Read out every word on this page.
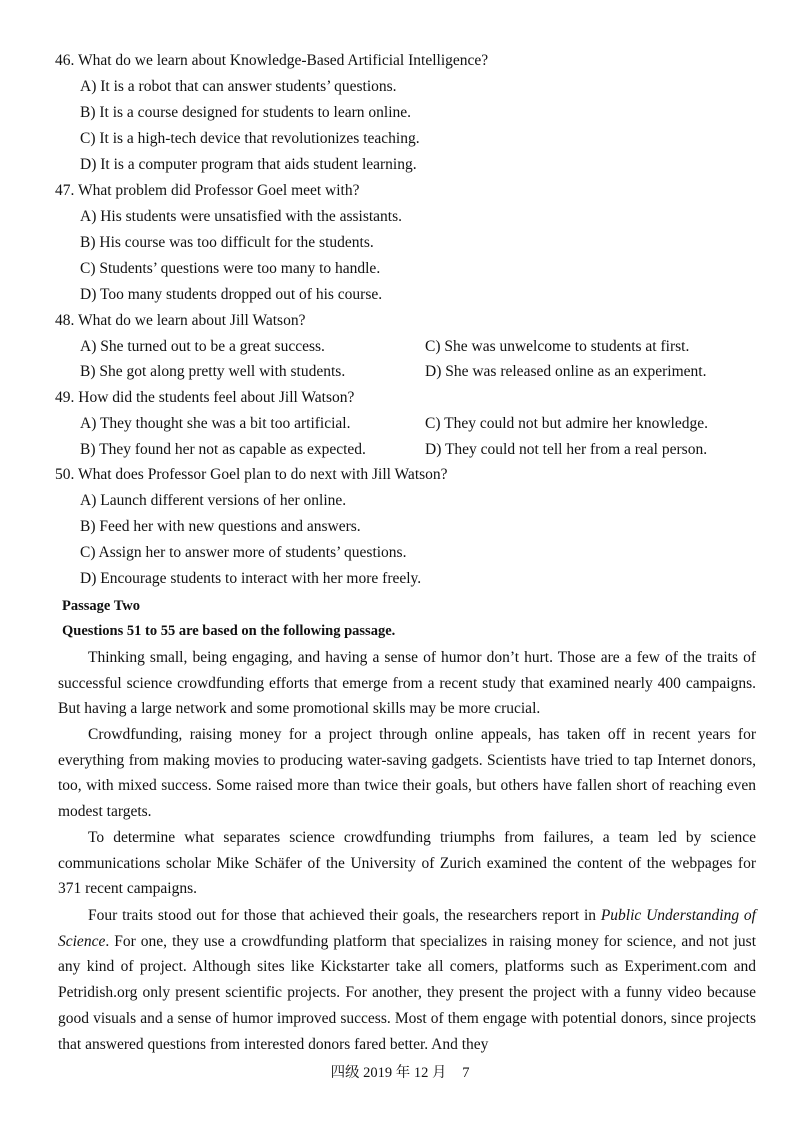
46. What do we learn about Knowledge-Based Artificial Intelligence?
A) It is a robot that can answer students’ questions.
B) It is a course designed for students to learn online.
C) It is a high-tech device that revolutionizes teaching.
D) It is a computer program that aids student learning.
47. What problem did Professor Goel meet with?
A) His students were unsatisfied with the assistants.
B) His course was too difficult for the students.
C) Students’ questions were too many to handle.
D) Too many students dropped out of his course.
48. What do we learn about Jill Watson?
A) She turned out to be a great success.	C) She was unwelcome to students at first.
B) She got along pretty well with students.	D) She was released online as an experiment.
49. How did the students feel about Jill Watson?
A) They thought she was a bit too artificial.	C) They could not but admire her knowledge.
B) They found her not as capable as expected.	D) They could not tell her from a real person.
50. What does Professor Goel plan to do next with Jill Watson?
A) Launch different versions of her online.
B) Feed her with new questions and answers.
C) Assign her to answer more of students’ questions.
D) Encourage students to interact with her more freely.
Passage Two
Questions 51 to 55 are based on the following passage.

Thinking small, being engaging, and having a sense of humor don’t hurt. Those are a few of the traits of successful science crowdfunding efforts that emerge from a recent study that examined nearly 400 campaigns. But having a large network and some promotional skills may be more crucial.

Crowdfunding, raising money for a project through online appeals, has taken off in recent years for everything from making movies to producing water-saving gadgets. Scientists have tried to tap Internet donors, too, with mixed success. Some raised more than twice their goals, but others have fallen short of reaching even modest targets.

To determine what separates science crowdfunding triumphs from failures, a team led by science communications scholar Mike Schäfer of the University of Zurich examined the content of the webpages for 371 recent campaigns.

Four traits stood out for those that achieved their goals, the researchers report in Public Understanding of Science. For one, they use a crowdfunding platform that specializes in raising money for science, and not just any kind of project. Although sites like Kickstarter take all comers, platforms such as Experiment.com and Petridish.org only present scientific projects. For another, they present the project with a funny video because good visuals and a sense of humor improved success. Most of them engage with potential donors, since projects that answered questions from interested donors fared better. And they

四级 2019 年 12 月 7
